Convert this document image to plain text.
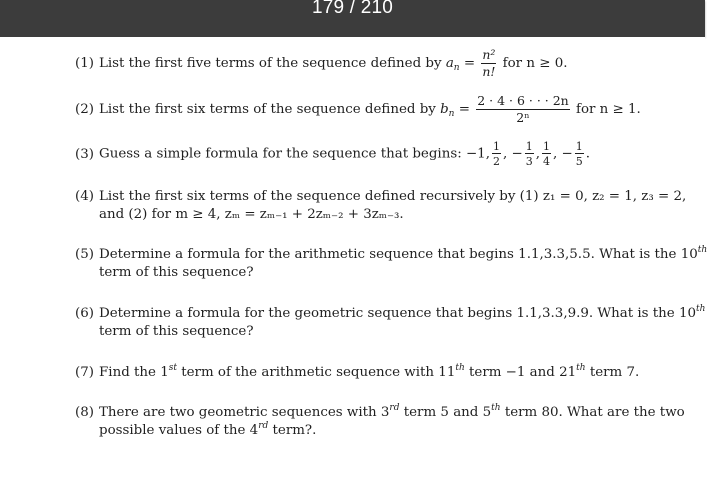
179 / 210
(1) List the first five terms of the sequence defined by $a_n = \frac{\text{n²}}{n!}$ for n ≥ 0.
(2) List the first six terms of the sequence defined by $b_n = \frac{2 \cdot 4 \cdot 6 \cdot \cdot \cdot 2n}{\text{2ⁿ}}$ for n ≥ 1.
(3) Guess a simple formula for the sequence that begins: −1, $\frac{1}{2}$ , − $\frac{1}{3}$ , $\frac{1}{4}$ , − $\frac{1}{5}$ .
(4) List the first six terms of the sequence defined recursively by (1) z₁ = 0, z₂ = 1, z₃ = 2,
and (2) for m ≥ 4, zₘ = zₘ₋₁ + 2zₘ₋₂ + 3zₘ₋₃.
(5) Determine a formula for the arithmetic sequence that begins 1.1,3.3,5.5. What is the 10th
term of this sequence?
(6) Determine a formula for the geometric sequence that begins 1.1,3.3,9.9. What is the 10th
term of this sequence?
(7) Find the 1st term of the arithmetic sequence with 11th term −1 and 21th term 7.
(8) There are two geometric sequences with 3rd term 5 and 5th term 80. What are the two
possible values of the 4rd term?.
